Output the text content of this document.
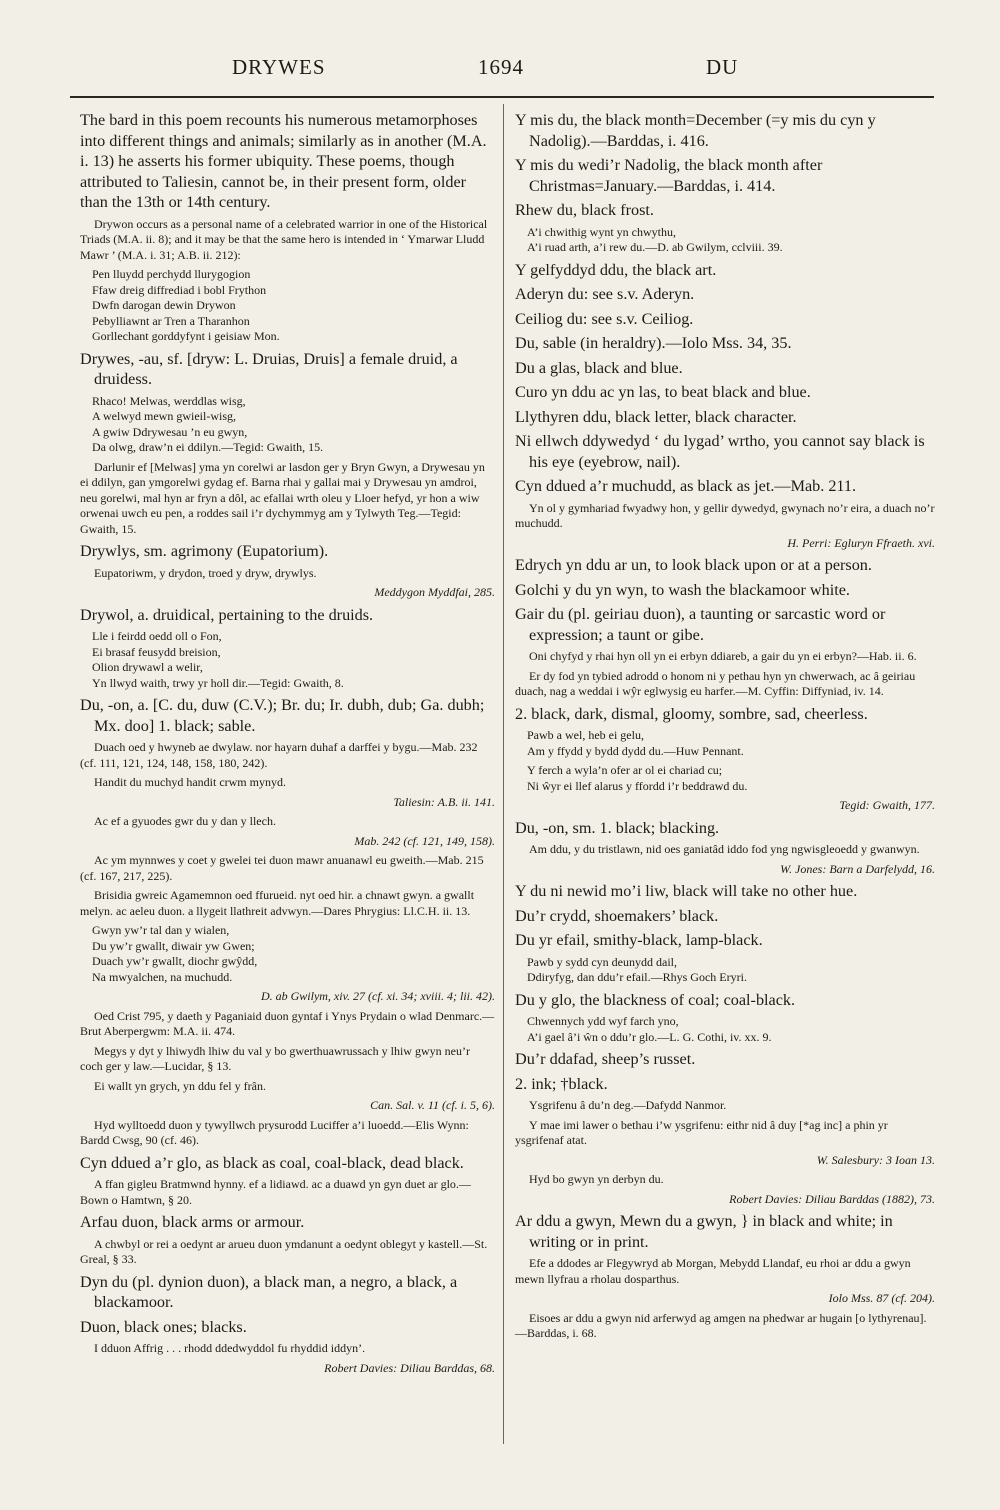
DRYWES	1694	DU

The bard in this poem recounts his numerous metamorphoses into different things and animals; similarly as in another (M.A. i. 13) he asserts his former ubiquity. These poems, though attributed to Taliesin, cannot be, in their present form, older than the 13th or 14th century.

Drywon occurs as a personal name of a celebrated warrior in one of the Historical Triads (M.A. ii. 8); and it may be that the same hero is intended in ‘ Ymarwar Lludd Mawr ’ (M.A. i. 31; A.B. ii. 212):

Pen lluydd perchydd llurygogion
Ffaw dreig diffrediad i bobl Frython
Dwfn darogan dewin Drywon
Pebylliawnt ar Tren a Tharanhon
Gorllechant gorddyfynt i geisiaw Mon.

Drywes, -au, sf. [dryw: L. Druias, Druis] a female druid, a druidess.

Rhaco! Melwas, werddlas wisg,
A welwyd mewn gwieil-wisg,
A gwiw Ddrywesau ’n eu gwyn,
Da olwg, draw’n ei ddilyn.—Tegid: Gwaith, 15.

Darlunir ef [Melwas] yma yn corelwi ar lasdon ger y Bryn Gwyn, a Drywesau yn ei ddilyn, gan ymgorelwi gydag ef. Barna rhai y gallai mai y Drywesau yn amdroi, neu gorelwi, mal hyn ar fryn a dôl, ac efallai wrth oleu y Lloer hefyd, yr hon a wiw orwenai uwch eu pen, a roddes sail i’r dychymmyg am y Tylwyth Teg.—Tegid: Gwaith, 15.

Drywlys, sm. agrimony (Eupatorium).

Eupatoriwm, y drydon, troed y dryw, drywlys.

Meddygon Myddfai, 285.

Drywol, a. druidical, pertaining to the druids.

Lle i feirdd oedd oll o Fon,
Ei brasaf feusydd breision,
Olion drywawl a welir,
Yn llwyd waith, trwy yr holl dir.—Tegid: Gwaith, 8.

Du, -on, a. [C. du, duw (C.V.); Br. du; Ir. dubh, dub; Ga. dubh; Mx. doo] 1. black; sable.

Duach oed y hwyneb ae dwylaw. nor hayarn duhaf a darffei y bygu.—Mab. 232 (cf. 111, 121, 124, 148, 158, 180, 242).

Handit du muchyd handit crwm mynyd.

Taliesin: A.B. ii. 141.

Ac ef a gyuodes gwr du y dan y llech.

Mab. 242 (cf. 121, 149, 158).

Ac ym mynnwes y coet y gwelei tei duon mawr anuanawl eu gweith.—Mab. 215 (cf. 167, 217, 225).

Brisidia gwreic Agamemnon oed ffurueid. nyt oed hir. a chnawt gwyn. a gwallt melyn. ac aeleu duon. a llygeit llathreit advwyn.—Dares Phrygius: Ll.C.H. ii. 13.

Gwyn yw’r tal dan y wialen,
Du yw’r gwallt, diwair yw Gwen;
Duach yw’r gwallt, diochr gwŷdd,
Na mwyalchen, na muchudd.

D. ab Gwilym, xiv. 27 (cf. xi. 34; xviii. 4; lii. 42).

Oed Crist 795, y daeth y Paganiaid duon gyntaf i Ynys Prydain o wlad Denmarc.—Brut Aberpergwm: M.A. ii. 474.

Megys y dyt y lhiwydh lhiw du val y bo gwerthuawrussach y lhiw gwyn neu’r coch ger y law.—Lucidar, § 13.

Ei wallt yn grych, yn ddu fel y frân.

Can. Sal. v. 11 (cf. i. 5, 6).

Hyd wylltoedd duon y tywyllwch prysurodd Luciffer a’i luoedd.—Elis Wynn: Bardd Cwsg, 90 (cf. 46).

Cyn ddued a’r glo, as black as coal, coal-black, dead black.

A ffan gigleu Bratmwnd hynny. ef a lidiawd. ac a duawd yn gyn duet ar glo.—Bown o Hamtwn, § 20.

Arfau duon, black arms or armour.

A chwbyl or rei a oedynt ar arueu duon ymdanunt a oedynt oblegyt y kastell.—St. Greal, § 33.

Dyn du (pl. dynion duon), a black man, a negro, a black, a blackamoor.

Duon, black ones; blacks.

I dduon Affrig . . . rhodd ddedwyddol fu rhyddid iddyn’.

Robert Davies: Diliau Barddas, 68.

Y mis du, the black month=December (=y mis du cyn y Nadolig).—Barddas, i. 416.

Y mis du wedi’r Nadolig, the black month after Christmas=January.—Barddas, i. 414.

Rhew du, black frost.

A’i chwithig wynt yn chwythu,
A’i ruad arth, a’i rew du.—D. ab Gwilym, cclviii. 39.

Y gelfyddyd ddu, the black art.

Aderyn du: see s.v. Aderyn.

Ceiliog du: see s.v. Ceiliog.

Du, sable (in heraldry).—Iolo Mss. 34, 35.

Du a glas, black and blue.

Curo yn ddu ac yn las, to beat black and blue.

Llythyren ddu, black letter, black character.

Ni ellwch ddywedyd ‘ du lygad’ wrtho, you cannot say black is his eye (eyebrow, nail).

Cyn ddued a’r muchudd, as black as jet.—Mab. 211.

Yn ol y gymhariad fwyadwy hon, y gellir dywedyd, gwynach no’r eira, a duach no’r muchudd.

H. Perri: Egluryn Ffraeth. xvi.

Edrych yn ddu ar un, to look black upon or at a person.

Golchi y du yn wyn, to wash the blackamoor white.

Gair du (pl. geiriau duon), a taunting or sarcastic word or expression; a taunt or gibe.

Oni chyfyd y rhai hyn oll yn ei erbyn ddiareb, a gair du yn ei erbyn?—Hab. ii. 6.

Er dy fod yn tybied adrodd o honom ni y pethau hyn yn chwerwach, ac â geiriau duach, nag a weddai i wŷr eglwysig eu harfer.—M. Cyffin: Diffyniad, iv. 14.

2. black, dark, dismal, gloomy, sombre, sad, cheerless.

Pawb a wel, heb ei gelu,
Am y ffydd y bydd dydd du.—Huw Pennant.
Y ferch a wyla’n ofer ar ol ei chariad cu;
Ni ŵyr ei llef alarus y ffordd i’r beddrawd du.

Tegid: Gwaith, 177.

Du, -on, sm. 1. black; blacking.

Am ddu, y du tristlawn, nid oes ganiatâd iddo fod yng ngwisgleoedd y gwanwyn.

W. Jones: Barn a Darfelydd, 16.

Y du ni newid mo’i liw, black will take no other hue.

Du’r crydd, shoemakers’ black.

Du yr efail, smithy-black, lamp-black.

Pawb y sydd cyn deunydd dail,
Ddiryfyg, dan ddu’r efail.—Rhys Goch Eryri.

Du y glo, the blackness of coal; coal-black.

Chwennych ydd wyf farch yno,
A’i gael â’i ŵn o ddu’r glo.—L. G. Cothi, iv. xx. 9.

Du’r ddafad, sheep’s russet.

2. ink; †black.

Ysgrifenu â du’n deg.—Dafydd Nanmor.

Y mae imi lawer o bethau i’w ysgrifenu: eithr nid â duy [*ag inc] a phin yr ysgrifenaf atat.

W. Salesbury: 3 Ioan 13.

Hyd bo gwyn yn derbyn du.

Robert Davies: Diliau Barddas (1882), 73.

Ar ddu a gwyn, Mewn du a gwyn, } in black and white; in writing or in print.

Efe a ddodes ar Flegywryd ab Morgan, Mebydd Llandaf, eu rhoi ar ddu a gwyn mewn llyfrau a rholau dosparthus.

Iolo Mss. 87 (cf. 204).

Eisoes ar ddu a gwyn nid arferwyd ag amgen na phedwar ar hugain [o lythyrenau].—Barddas, i. 68.
